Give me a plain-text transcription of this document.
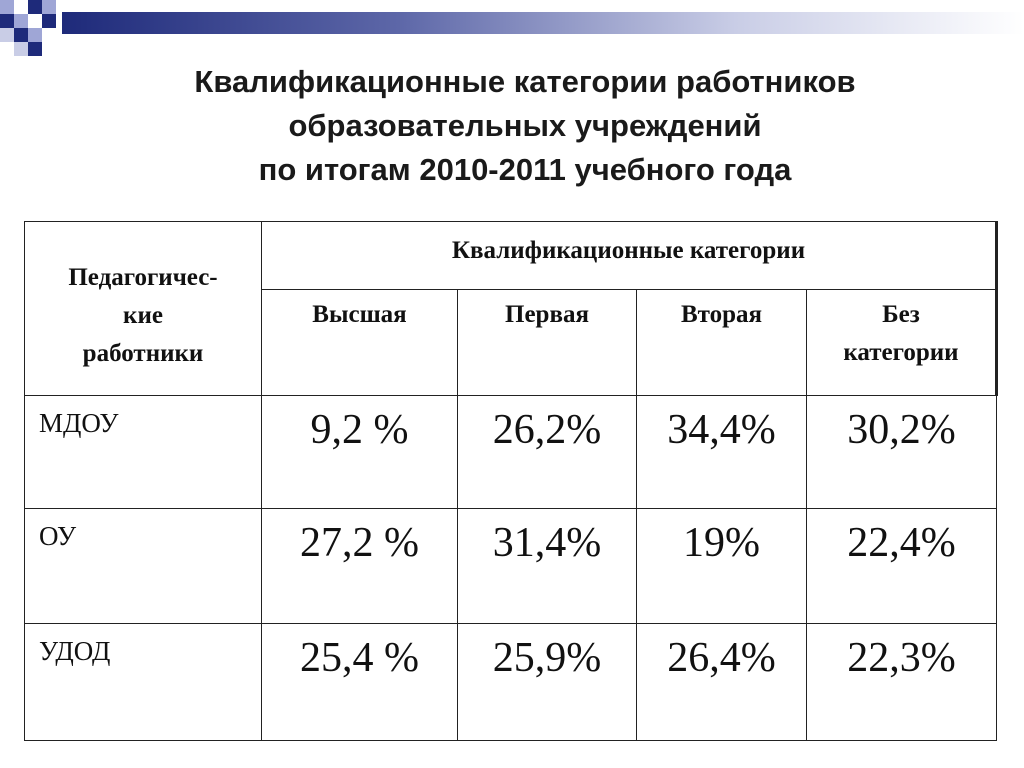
Квалификационные категории работников
образовательных учреждений
по итогам 2010-2011 учебного года
Педагогичес-
кие
работники	Квалификационные категории			
	Высшая	Первая	Вторая	Без
категории

МДОУ	9,2 %	26,2%	34,4%	30,2%
ОУ	27,2 %	31,4%	19%	22,4%
УДОД	25,4 %	25,9%	26,4%	22,3%
